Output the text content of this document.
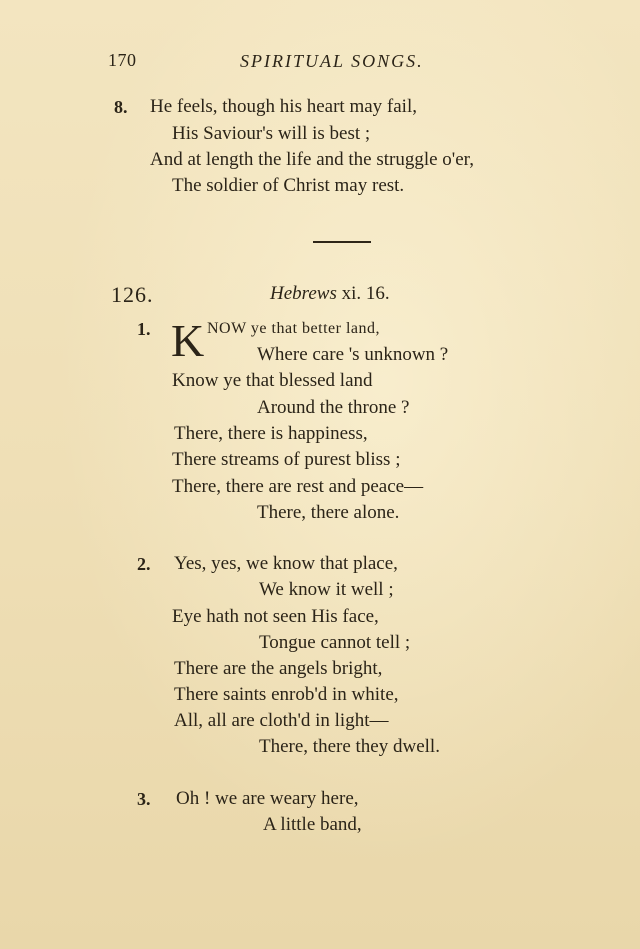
170	SPIRITUAL SONGS.
8. He feels, though his heart may fail,
His Saviour's will is best ;
And at length the life and the struggle o'er,
The soldier of Christ may rest.
126.	Hebrews xi. 16.
1. K NOW ye that better land,
Where care 's unknown ?
Know ye that blessed land
Around the throne ?
There, there is happiness,
There streams of purest bliss ;
There, there are rest and peace—
There, there alone.
2. Yes, yes, we know that place,
We know it well ;
Eye hath not seen His face,
Tongue cannot tell ;
There are the angels bright,
There saints enrob'd in white,
All, all are cloth'd in light—
There, there they dwell.
3. Oh ! we are weary here,
A little band,
